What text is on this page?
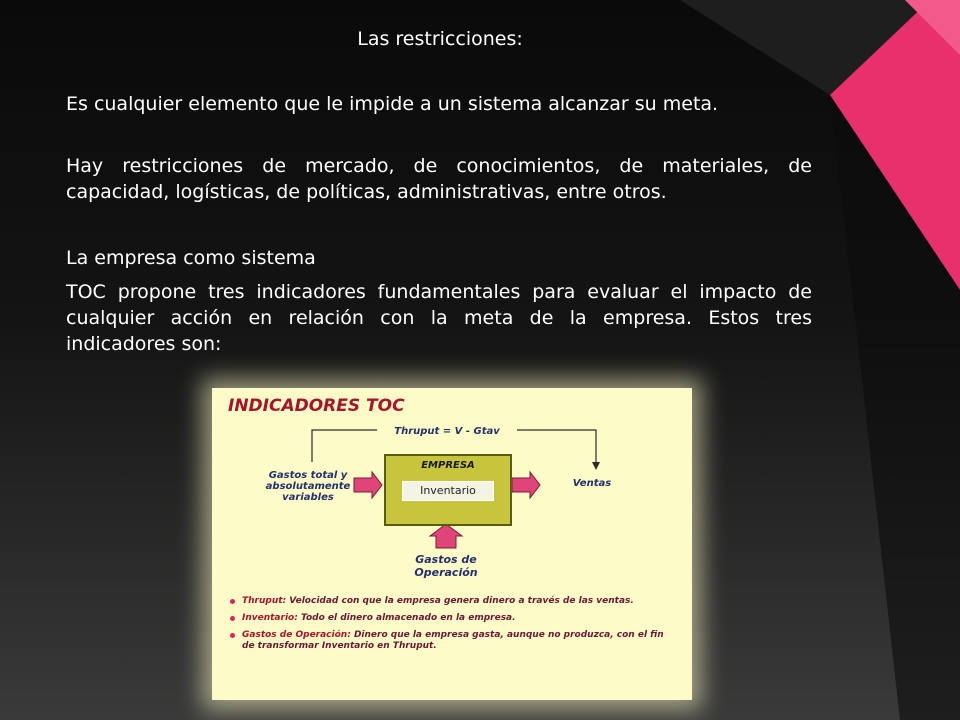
Las restricciones:
Es cualquier elemento que le impide a un sistema alcanzar su meta.
Hay restricciones de mercado, de conocimientos, de materiales, de capacidad, logísticas, de políticas, administrativas, entre otros.
La empresa como sistema
TOC propone tres indicadores fundamentales para evaluar el impacto de cualquier acción en relación con la meta de la empresa. Estos tres indicadores son:
INDICADORES TOC
Thruput = V - Gtav
Gastos total y
absolutamente
variables
EMPRESA
Inventario
Ventas
Gastos de
Operación
Thruput: Velocidad con que la empresa genera dinero a través de las ventas.
Inventario: Todo el dinero almacenado en la empresa.
Gastos de Operación: Dinero que la empresa gasta, aunque no produzca, con el fin de transformar Inventario en Thruput.
